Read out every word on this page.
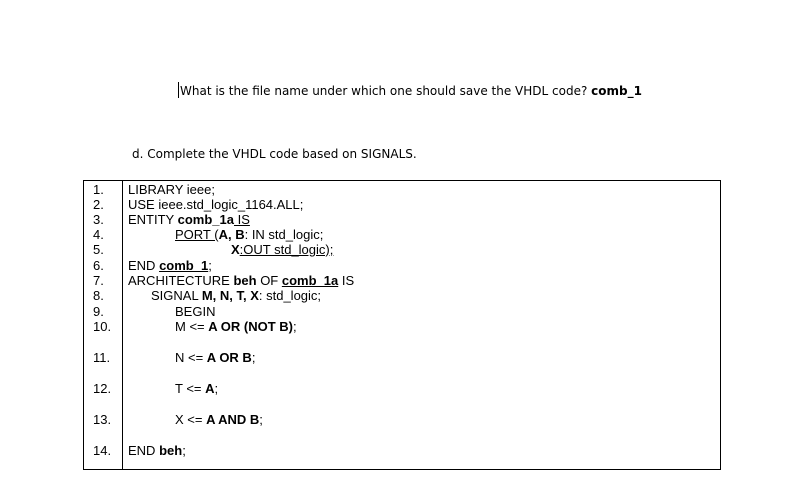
What is the file name under which one should save the VHDL code? comb_1
d. Complete the VHDL code based on SIGNALS.
1.	LIBRARY ieee;
2.	USE ieee.std_logic_1164.ALL;
3.	ENTITY comb_1a IS
4.	PORT (A, B: IN std_logic;
5.	X:OUT std_logic);
6.	END comb_1;
7.	ARCHITECTURE beh OF comb_1a IS
8.	SIGNAL M, N, T, X: std_logic;
9.	BEGIN
10.	M <= A OR (NOT B);
11.	N <= A OR B;
12.	T <= A;
13.	X <= A AND B;
14.	END beh;
